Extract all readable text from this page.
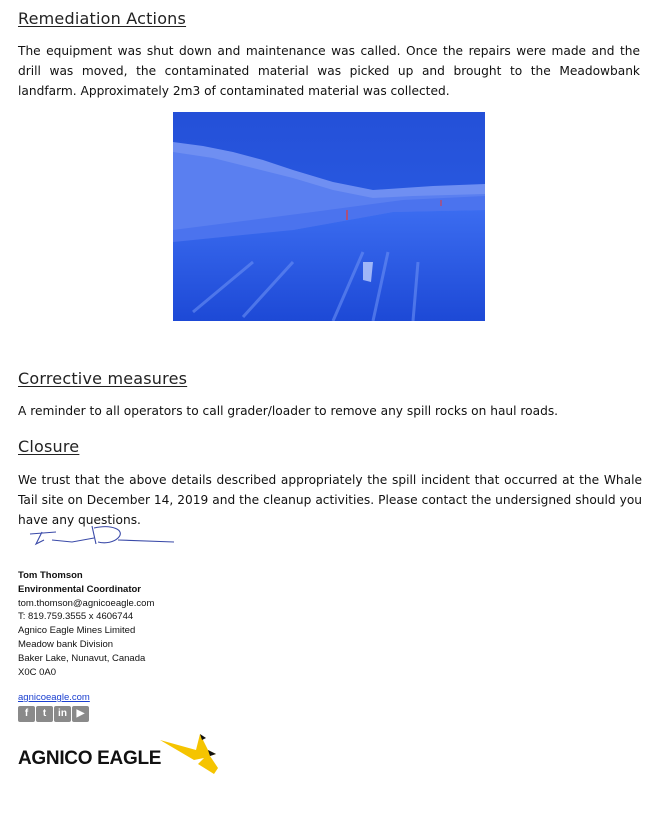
Remediation Actions
The equipment was shut down and maintenance was called. Once the repairs were made and the drill was moved, the contaminated material was picked up and brought to the Meadowbank landfarm. Approximately 2m3 of contaminated material was collected.
Corrective measures
A reminder to all operators to call grader/loader to remove any spill rocks on haul roads.
Closure
We trust that the above details described appropriately the spill incident that occurred at the Whale Tail site on December 14, 2019 and the cleanup activities. Please contact the undersigned should you have any questions.
Tom Thomson
Environmental Coordinator
tom.thomson@agnicoeagle.com
T: 819.759.3555 x 4606744
Agnico Eagle Mines Limited
Meadow bank Division
Baker Lake, Nunavut, Canada
X0C 0A0
agnicoeagle.com
f	t	in ▶
AGNICO EAGLE
